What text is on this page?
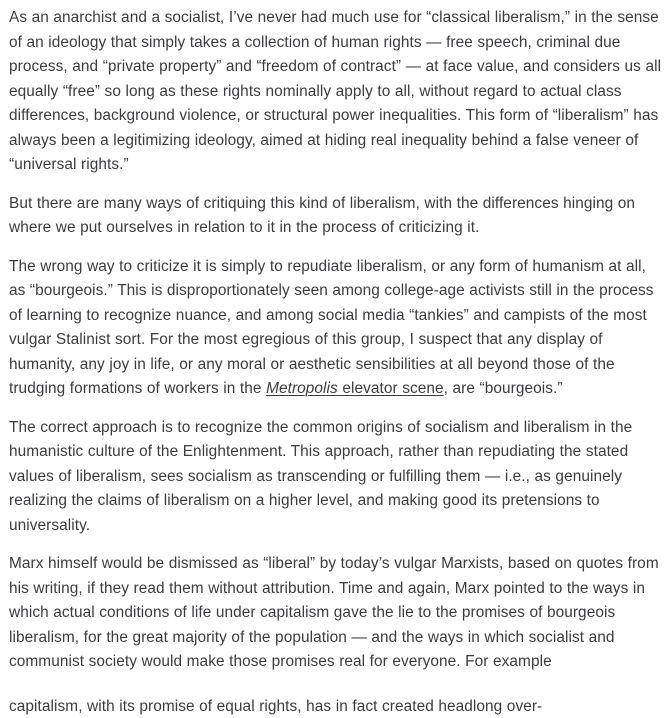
As an anarchist and a socialist, I’ve never had much use for “classical liberalism,” in the sense of an ideology that simply takes a collection of human rights — free speech, criminal due process, and “private property” and “freedom of contract” — at face value, and considers us all equally “free” so long as these rights nominally apply to all, without regard to actual class differences, background violence, or structural power inequalities. This form of “liberalism” has always been a legitimizing ideology, aimed at hiding real inequality behind a false veneer of “universal rights.”

But there are many ways of critiquing this kind of liberalism, with the differences hinging on where we put ourselves in relation to it in the process of criticizing it.

The wrong way to criticize it is simply to repudiate liberalism, or any form of humanism at all, as “bourgeois.” This is disproportionately seen among college-age activists still in the process of learning to recognize nuance, and among social media “tankies” and campists of the most vulgar Stalinist sort. For the most egregious of this group, I suspect that any display of humanity, any joy in life, or any moral or aesthetic sensibilities at all beyond those of the trudging formations of workers in the Metropolis elevator scene, are “bourgeois.”

The correct approach is to recognize the common origins of socialism and liberalism in the humanistic culture of the Enlightenment. This approach, rather than repudiating the stated values of liberalism, sees socialism as transcending or fulfilling them — i.e., as genuinely realizing the claims of liberalism on a higher level, and making good its pretensions to universality.

Marx himself would be dismissed as “liberal” by today’s vulgar Marxists, based on quotes from his writing, if they read them without attribution. Time and again, Marx pointed to the ways in which actual conditions of life under capitalism gave the lie to the promises of bourgeois liberalism, for the great majority of the population — and the ways in which socialist and communist society would make those promises real for everyone. For example

capitalism, with its promise of equal rights, has in fact created headlong over-
